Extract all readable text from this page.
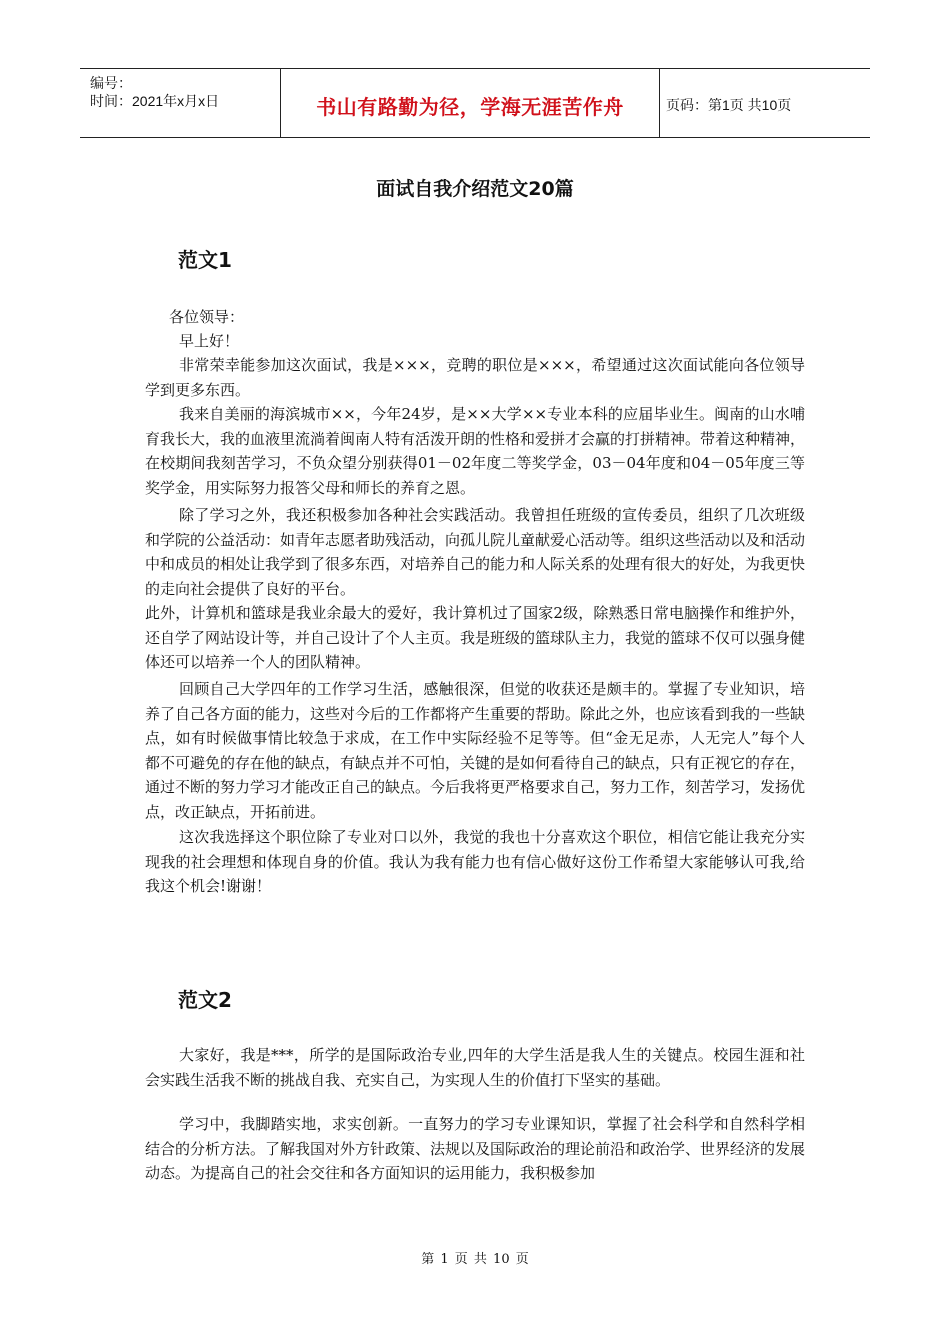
编号：
时间：2021年x月x日	书山有路勤为径，学海无涯苦作舟	页码：第1页 共10页
面试自我介绍范文20篇
范文1

各位领导：

早上好！

非常荣幸能参加这次面试，我是×××，竞聘的职位是×××，希望通过这次面试能向各位领导学到更多东西。

我来自美丽的海滨城市××，今年24岁，是××大学××专业本科的应届毕业生。闽南的山水哺育我长大，我的血液里流淌着闽南人特有活泼开朗的性格和爱拼才会赢的打拼精神。带着这种精神，在校期间我刻苦学习，不负众望分别获得01－02年度二等奖学金，03－04年度和04－05年度三等奖学金，用实际努力报答父母和师长的养育之恩。

除了学习之外，我还积极参加各种社会实践活动。我曾担任班级的宣传委员，组织了几次班级和学院的公益活动：如青年志愿者助残活动，向孤儿院儿童献爱心活动等。组织这些活动以及和活动中和成员的相处让我学到了很多东西，对培养自己的能力和人际关系的处理有很大的好处，为我更快的走向社会提供了良好的平台。

此外，计算机和篮球是我业余最大的爱好，我计算机过了国家2级，除熟悉日常电脑操作和维护外，还自学了网站设计等，并自己设计了个人主页。我是班级的篮球队主力，我觉的篮球不仅可以强身健体还可以培养一个人的团队精神。

回顾自己大学四年的工作学习生活，感触很深，但觉的收获还是颇丰的。掌握了专业知识，培养了自己各方面的能力，这些对今后的工作都将产生重要的帮助。除此之外，也应该看到我的一些缺点，如有时候做事情比较急于求成，在工作中实际经验不足等等。但“金无足赤，人无完人”每个人都不可避免的存在他的缺点，有缺点并不可怕，关键的是如何看待自己的缺点，只有正视它的存在，通过不断的努力学习才能改正自己的缺点。今后我将更严格要求自己，努力工作，刻苦学习，发扬优点，改正缺点，开拓前进。

这次我选择这个职位除了专业对口以外，我觉的我也十分喜欢这个职位，相信它能让我充分实现我的社会理想和体现自身的价值。我认为我有能力也有信心做好这份工作希望大家能够认可我,给我这个机会!谢谢！

范文2

大家好，我是***，所学的是国际政治专业,四年的大学生活是我人生的关键点。校园生涯和社会实践生活我不断的挑战自我、充实自己，为实现人生的价值打下坚实的基础。

学习中，我脚踏实地，求实创新。一直努力的学习专业课知识，掌握了社会科学和自然科学相结合的分析方法。了解我国对外方针政策、法规以及国际政治的理论前沿和政治学、世界经济的发展动态。为提高自己的社会交往和各方面知识的运用能力，我积极参加

第 1 页 共 10 页
